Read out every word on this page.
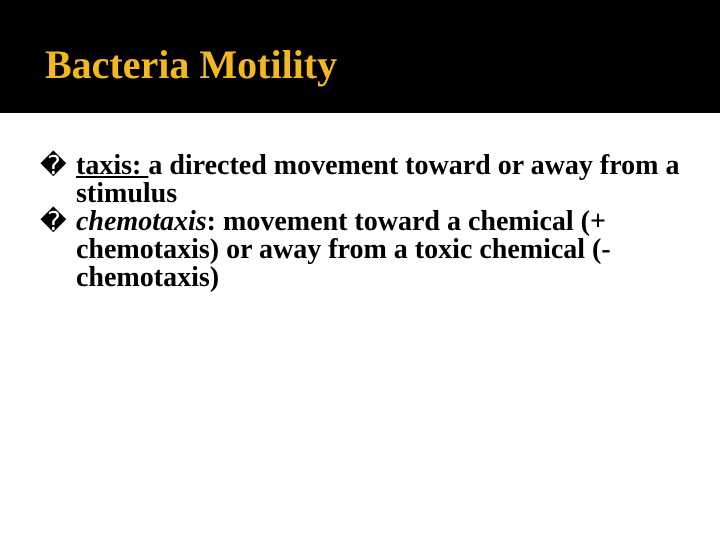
Bacteria Motility

� taxis: a directed movement toward or away from a stimulus

� chemotaxis: movement toward a chemical (+ chemotaxis) or away from a toxic chemical (- chemotaxis)
